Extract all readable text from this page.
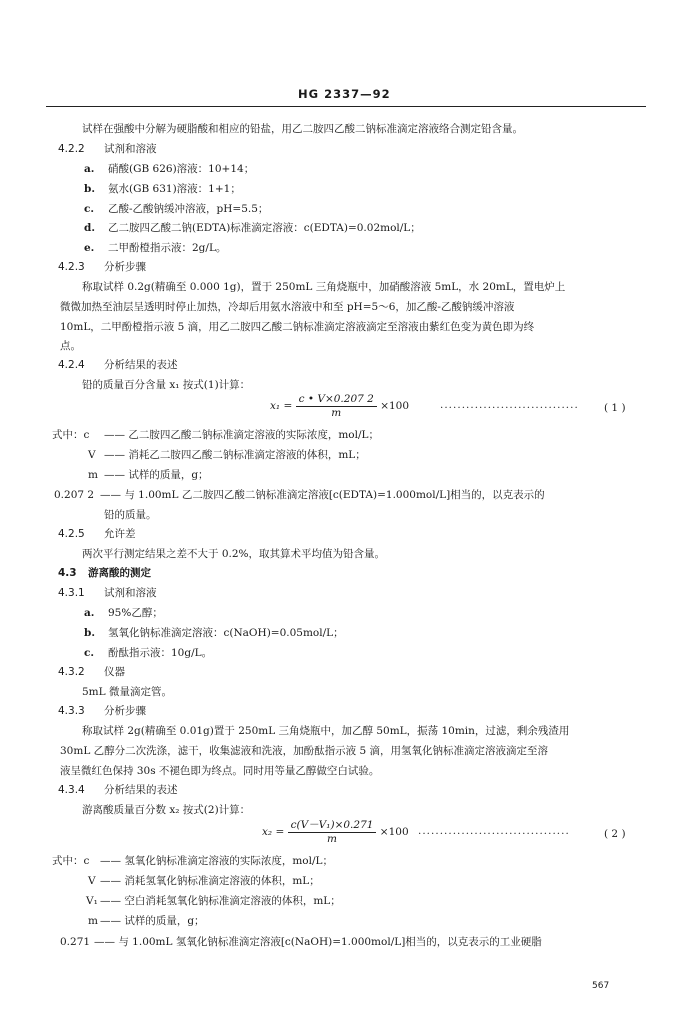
HG 2337—92
试样在强酸中分解为硬脂酸和相应的铅盐，用乙二胺四乙酸二钠标准滴定溶液络合测定铅含量。
4.2.2 试剂和溶液
a. 硝酸(GB 626)溶液：10+14；
b. 氨水(GB 631)溶液：1+1；
c. 乙酸-乙酸钠缓冲溶液，pH=5.5；
d. 乙二胺四乙酸二钠(EDTA)标准滴定溶液：c(EDTA)=0.02mol/L；
e. 二甲酚橙指示液：2g/L。
4.2.3 分析步骤
称取试样 0.2g(精确至 0.000 1g)，置于 250mL 三角烧瓶中，加硝酸溶液 5mL，水 20mL，置电炉上
微微加热至油层呈透明时停止加热，冷却后用氨水溶液中和至 pH=5～6，加乙酸-乙酸钠缓冲溶液
10mL，二甲酚橙指示液 5 滴，用乙二胺四乙酸二钠标准滴定溶液滴定至溶液由紫红色变为黄色即为终
点。
4.2.4 分析结果的表述
铅的质量百分含量 x₁ 按式(1)计算：
$x_1 = \frac{c • V\times 0.207 2}{m} \times 100$	································ ( 1 )
式中：c —— 乙二胺四乙酸二钠标准滴定溶液的实际浓度，mol/L；
V —— 消耗乙二胺四乙酸二钠标准滴定溶液的体积，mL；
m —— 试样的质量，g；
0.207 2 —— 与 1.00mL 乙二胺四乙酸二钠标准滴定溶液[c(EDTA)=1.000mol/L]相当的，以克表示的
铅的质量。
4.2.5 允许差
两次平行测定结果之差不大于 0.2%，取其算术平均值为铅含量。
4.3 游离酸的测定
4.3.1 试剂和溶液
a. 95%乙醇；
b. 氢氧化钠标准滴定溶液：c(NaOH)=0.05mol/L；
c. 酚酞指示液：10g/L。
4.3.2 仪器
5mL 微量滴定管。
4.3.3 分析步骤
称取试样 2g(精确至 0.01g)置于 250mL 三角烧瓶中，加乙醇 50mL，振荡 10min，过滤，剩余残渣用
30mL 乙醇分二次洗涤，滤干，收集滤液和洗液，加酚酞指示液 5 滴，用氢氧化钠标准滴定溶液滴定至溶
液呈微红色保持 30s 不褪色即为终点。同时用等量乙醇做空白试验。
4.3.4 分析结果的表述
游离酸质量百分数 x₂ 按式(2)计算：
$x_2 = \frac{\text{c(V－V₁)×0.271}}{m} \times 100$ ···································	( 2 )
式中：c —— 氢氧化钠标准滴定溶液的实际浓度，mol/L；
V —— 消耗氢氧化钠标准滴定溶液的体积，mL；
V₁ —— 空白消耗氢氧化钠标准滴定溶液的体积，mL；
m —— 试样的质量，g；
0.271 —— 与 1.00mL 氢氧化钠标准滴定溶液[c(NaOH)=1.000mol/L]相当的，以克表示的工业硬脂
567
